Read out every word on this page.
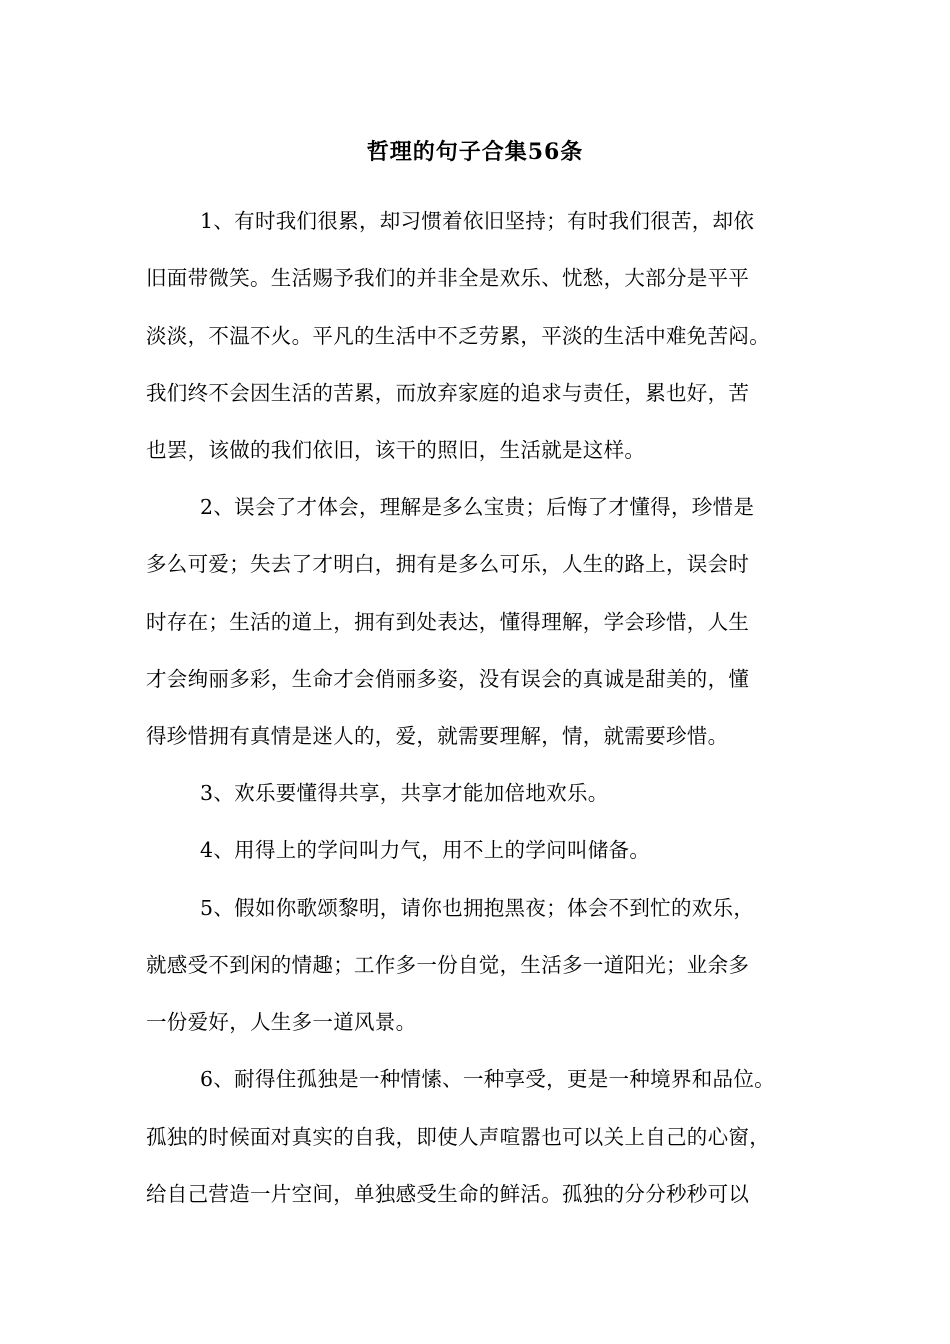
哲理的句子合集56条
1、有时我们很累，却习惯着依旧坚持；有时我们很苦，却依
旧面带微笑。生活赐予我们的并非全是欢乐、忧愁，大部分是平平
淡淡，不温不火。平凡的生活中不乏劳累，平淡的生活中难免苦闷。
我们终不会因生活的苦累，而放弃家庭的追求与责任，累也好，苦
也罢，该做的我们依旧，该干的照旧，生活就是这样。
2、误会了才体会，理解是多么宝贵；后悔了才懂得，珍惜是
多么可爱；失去了才明白，拥有是多么可乐，人生的路上，误会时
时存在；生活的道上，拥有到处表达，懂得理解，学会珍惜，人生
才会绚丽多彩，生命才会俏丽多姿，没有误会的真诚是甜美的，懂
得珍惜拥有真情是迷人的，爱，就需要理解，情，就需要珍惜。
3、欢乐要懂得共享，共享才能加倍地欢乐。
4、用得上的学问叫力气，用不上的学问叫储备。
5、假如你歌颂黎明，请你也拥抱黑夜；体会不到忙的欢乐，
就感受不到闲的情趣；工作多一份自觉，生活多一道阳光；业余多
一份爱好，人生多一道风景。
6、耐得住孤独是一种情愫、一种享受，更是一种境界和品位。
孤独的时候面对真实的自我，即使人声喧嚣也可以关上自己的心窗，
给自己营造一片空间，单独感受生命的鲜活。孤独的分分秒秒可以
